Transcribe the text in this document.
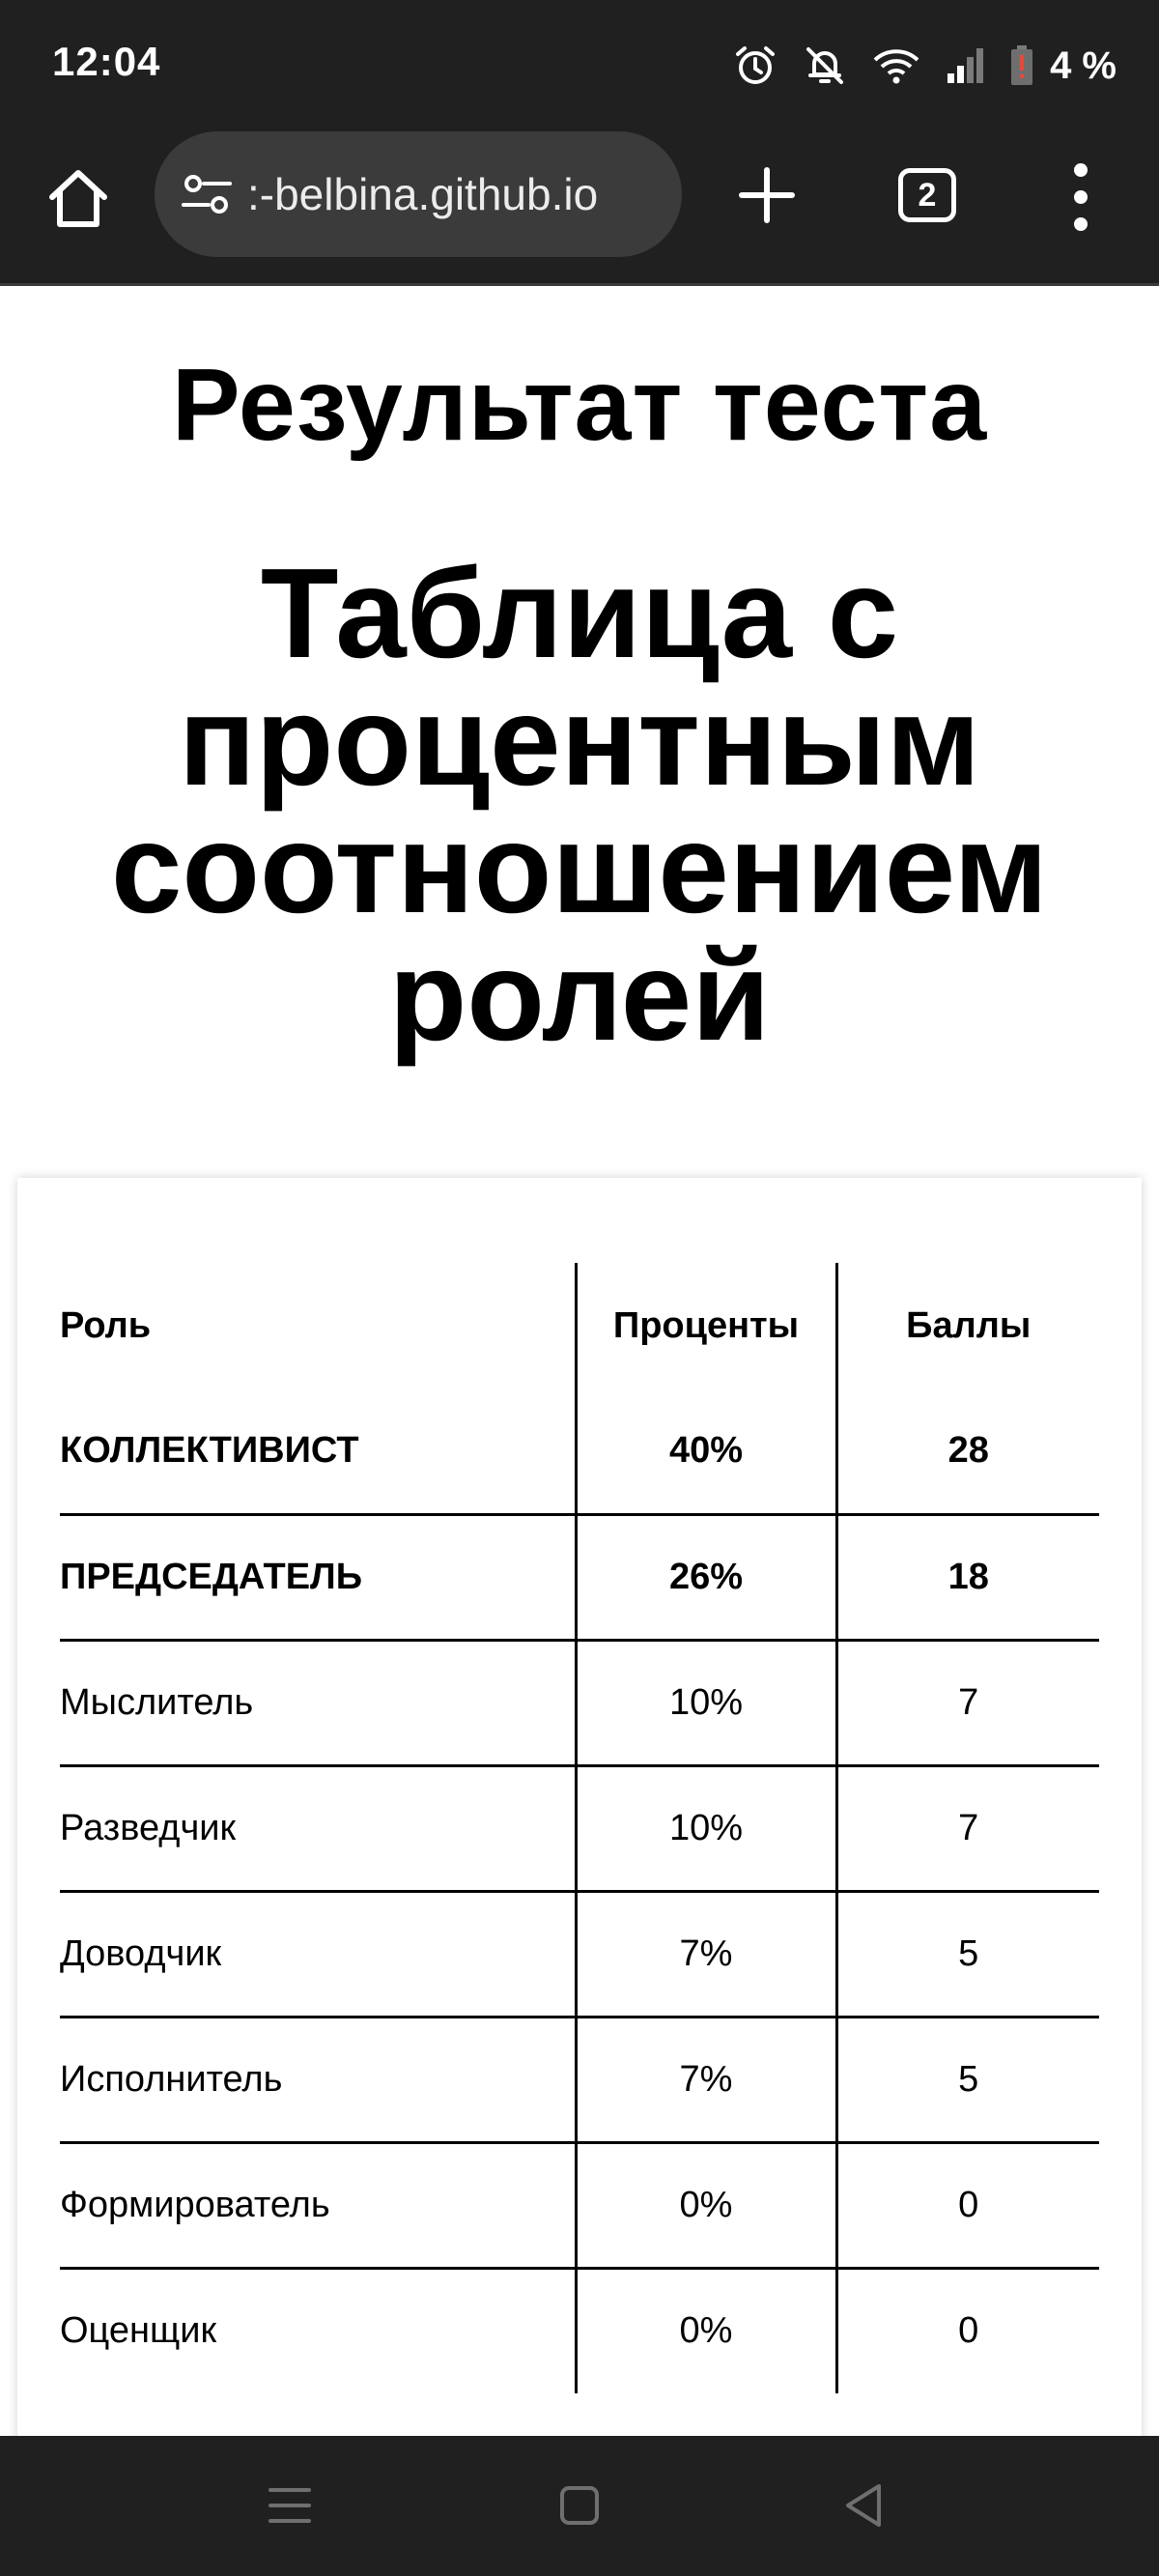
12:04	4 %
:-belbina.github.io	2
Результат теста
Таблица с процентным соотношением ролей
Роль	Проценты	Баллы
КОЛЛЕКТИВИСТ	40%	28
ПРЕДСЕДАТЕЛЬ	26%	18
Мыслитель	10%	7
Разведчик	10%	7
Доводчик	7%	5
Исполнитель	7%	5
Формирователь	0%	0
Оценщик	0%	0
